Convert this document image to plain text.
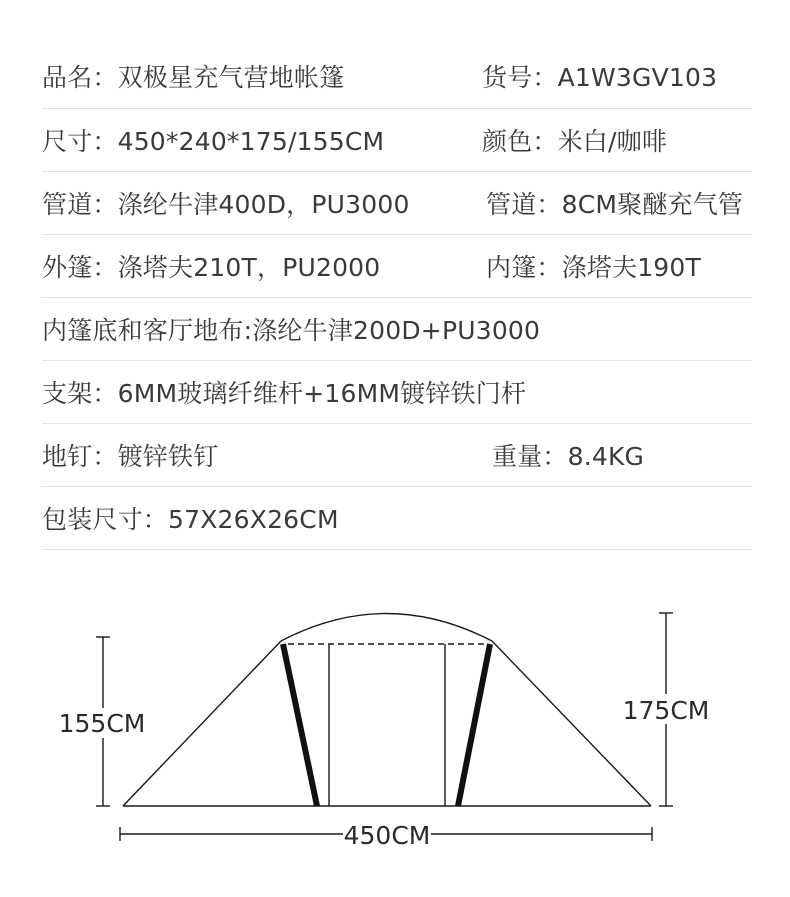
品名：双极星充气营地帐篷	货号：A1W3GV103
尺寸：450*240*175/155CM	颜色：米白/咖啡
管道：涤纶牛津400D，PU3000	管道：8CM聚醚充气管
外篷：涤塔夫210T，PU2000	内篷：涤塔夫190T
内篷底和客厅地布:涤纶牛津200D+PU3000
支架：6MM玻璃纤维杆+16MM镀锌铁门杆
地钉：镀锌铁钉	重量：8.4KG
包装尺寸：57X26X26CM
155CM	175CM
450CM
